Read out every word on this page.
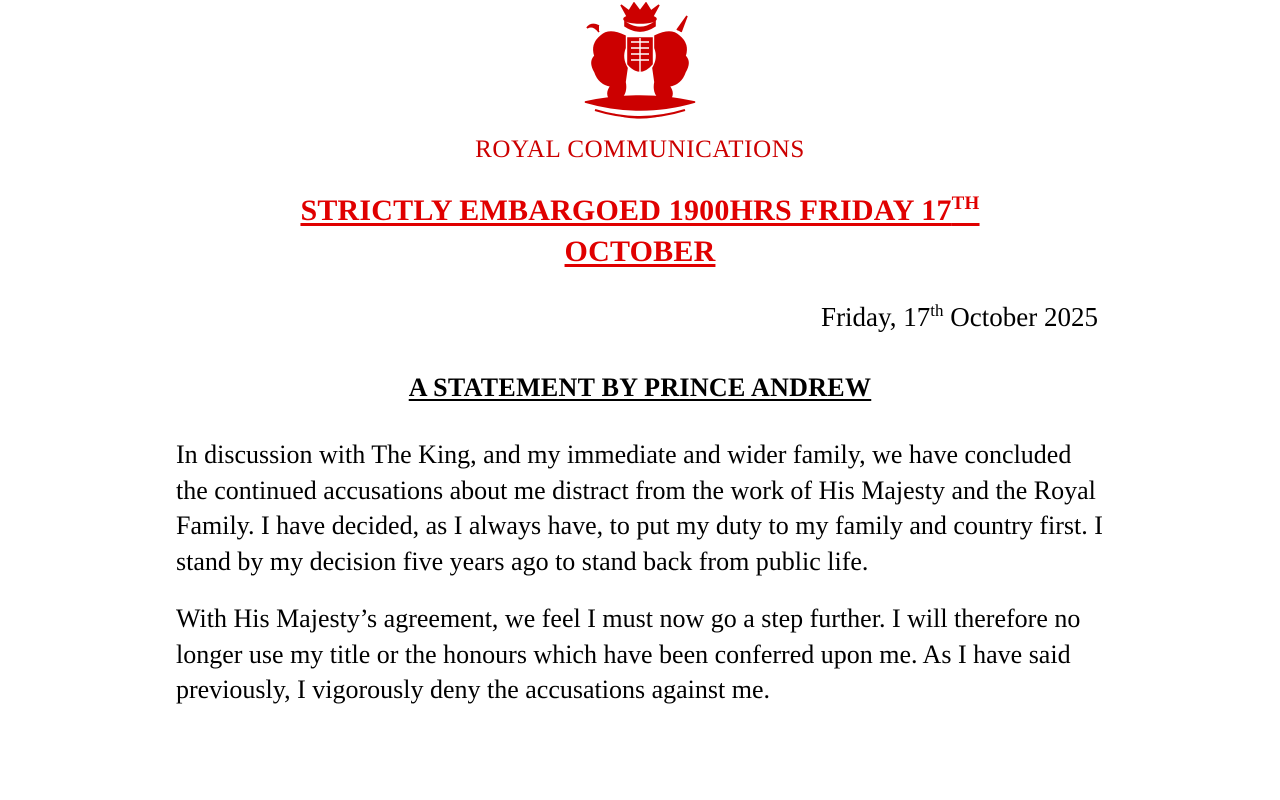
ROYAL COMMUNICATIONS
STRICTLY EMBARGOED 1900HRS FRIDAY 17TH
OCTOBER
Friday, 17th October 2025
A STATEMENT BY PRINCE ANDREW

In discussion with The King, and my immediate and wider family, we have concluded the continued accusations about me distract from the work of His Majesty and the Royal Family. I have decided, as I always have, to put my duty to my family and country first. I stand by my decision five years ago to stand back from public life.

With His Majesty’s agreement, we feel I must now go a step further. I will therefore no longer use my title or the honours which have been conferred upon me. As I have said previously, I vigorously deny the accusations against me.
